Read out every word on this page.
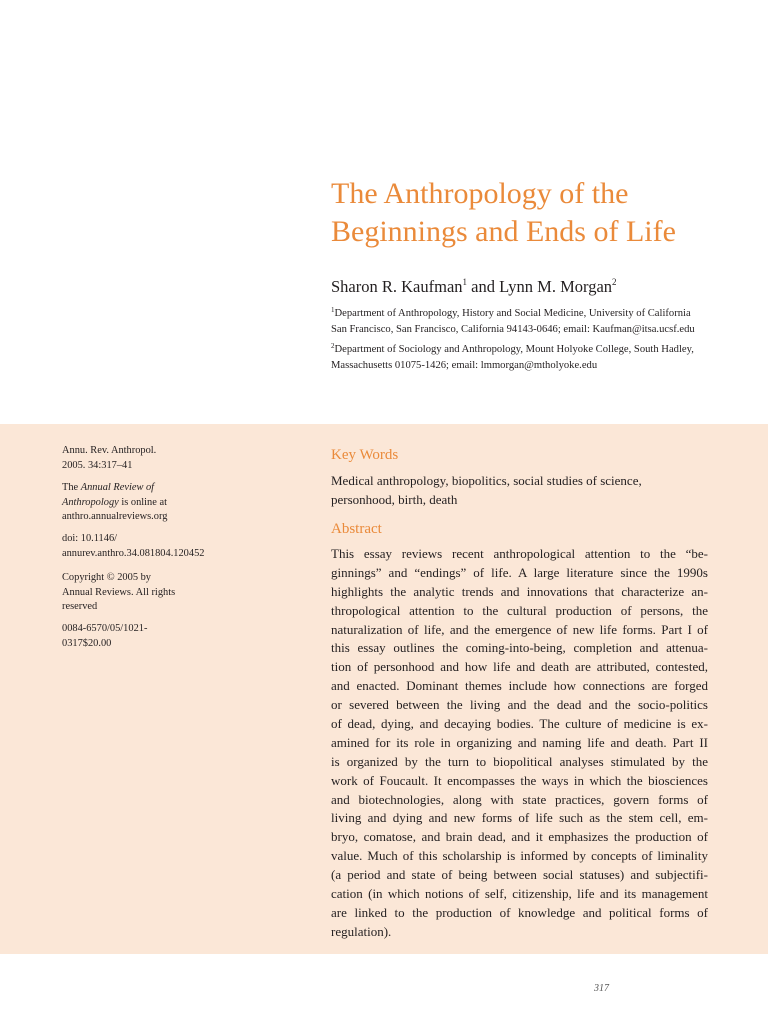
The Anthropology of the
Beginnings and Ends of Life
Sharon R. Kaufman$^1$ and Lynn M. Morgan$^2$
$^1$Department of Anthropology, History and Social Medicine, University of California
San Francisco, San Francisco, California 94143-0646; email: Kaufman@itsa.ucsf.edu
$^2$Department of Sociology and Anthropology, Mount Holyoke College, South Hadley,
Massachusetts 01075-1426; email: lmmorgan@mtholyoke.edu
Annu. Rev. Anthropol.
2005. 34:317–41
The Annual Review of
Anthropology is online at
anthro.annualreviews.org
doi: 10.1146/
annurev.anthro.34.081804.120452
Copyright © 2005 by
Annual Reviews. All rights
reserved
0084-6570/05/1021-
0317$20.00
Key Words
Medical anthropology, biopolitics, social studies of science,
personhood, birth, death
Abstract
This essay reviews recent anthropological attention to the “be-
ginnings” and “endings” of life. A large literature since the 1990s
highlights the analytic trends and innovations that characterize an-
thropological attention to the cultural production of persons, the
naturalization of life, and the emergence of new life forms. Part I of
this essay outlines the coming-into-being, completion and attenua-
tion of personhood and how life and death are attributed, contested,
and enacted. Dominant themes include how connections are forged
or severed between the living and the dead and the socio-politics
of dead, dying, and decaying bodies. The culture of medicine is ex-
amined for its role in organizing and naming life and death. Part II
is organized by the turn to biopolitical analyses stimulated by the
work of Foucault. It encompasses the ways in which the biosciences
and biotechnologies, along with state practices, govern forms of
living and dying and new forms of life such as the stem cell, em-
bryo, comatose, and brain dead, and it emphasizes the production of
value. Much of this scholarship is informed by concepts of liminality
(a period and state of being between social statuses) and subjectifi-
cation (in which notions of self, citizenship, life and its management
are linked to the production of knowledge and political forms of
regulation).
317
